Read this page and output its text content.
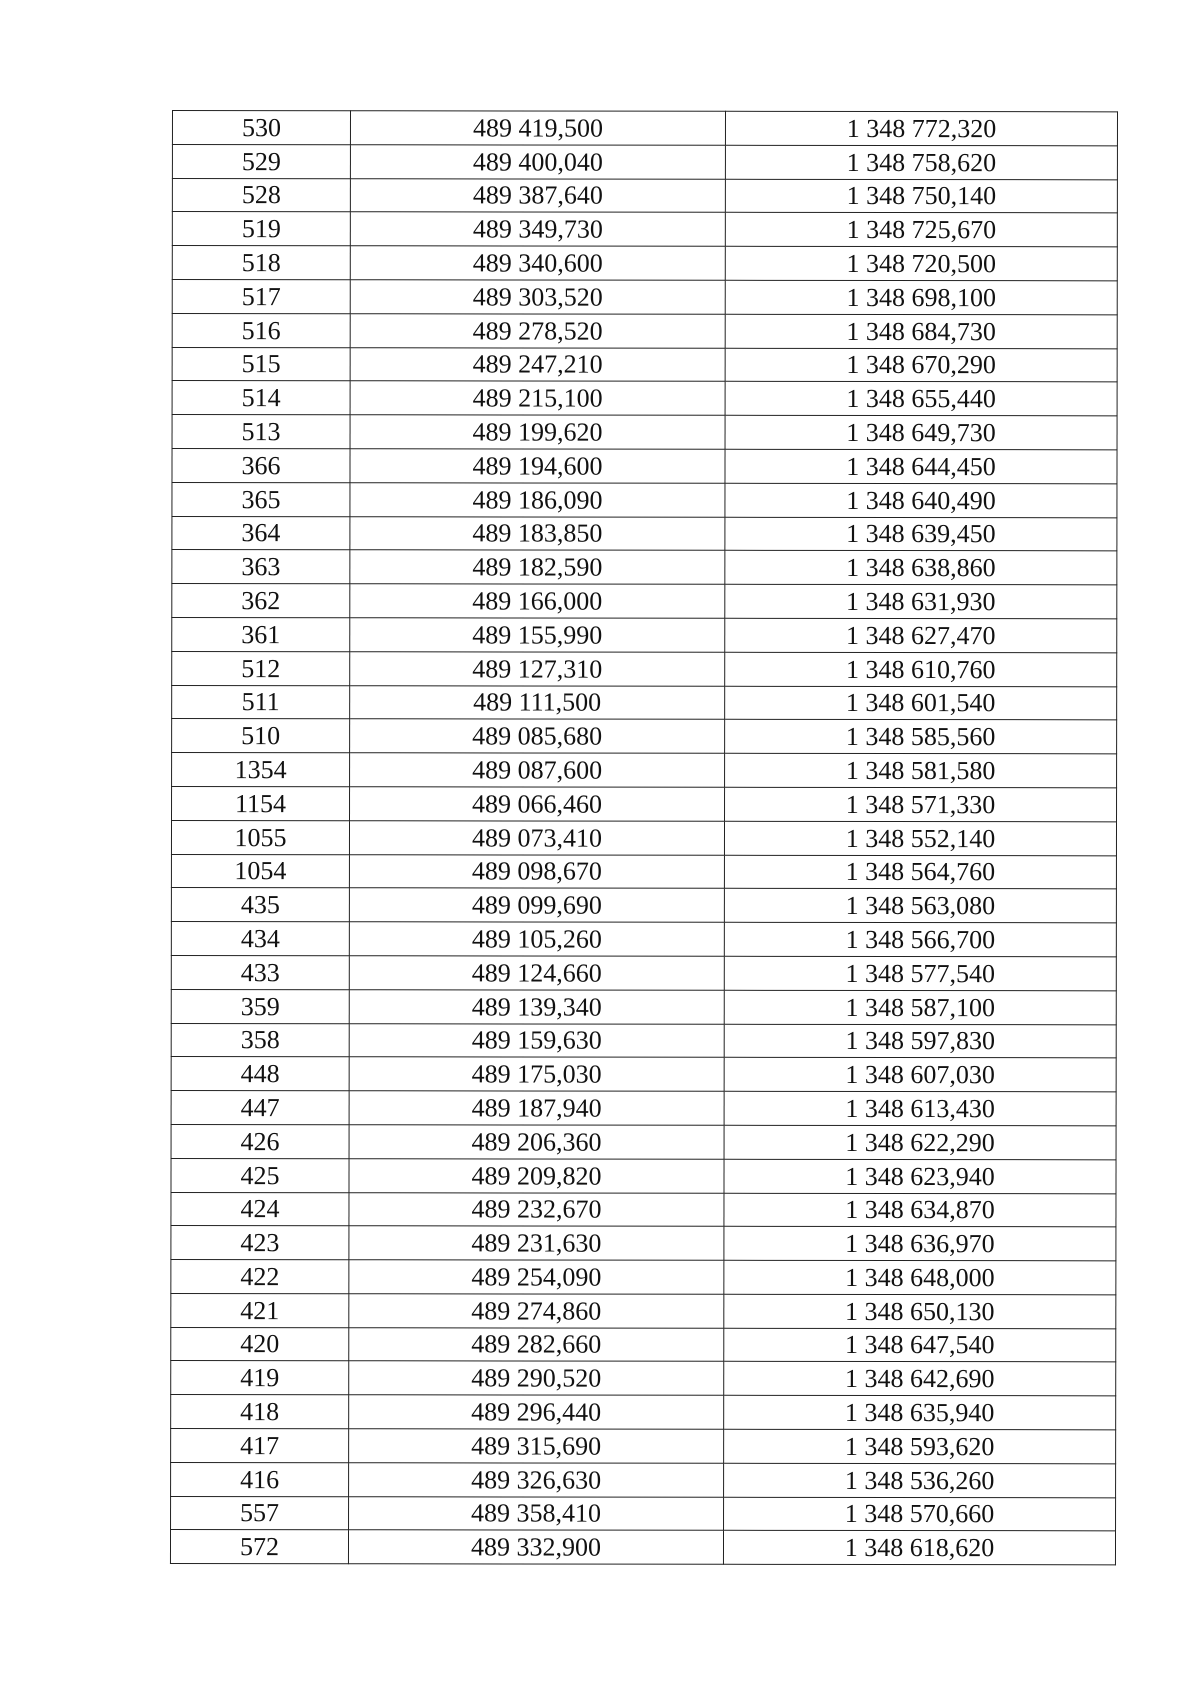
530	489 419,500	1 348 772,320
529	489 400,040	1 348 758,620
528	489 387,640	1 348 750,140
519	489 349,730	1 348 725,670
518	489 340,600	1 348 720,500
517	489 303,520	1 348 698,100
516	489 278,520	1 348 684,730
515	489 247,210	1 348 670,290
514	489 215,100	1 348 655,440
513	489 199,620	1 348 649,730
366	489 194,600	1 348 644,450
365	489 186,090	1 348 640,490
364	489 183,850	1 348 639,450
363	489 182,590	1 348 638,860
362	489 166,000	1 348 631,930
361	489 155,990	1 348 627,470
512	489 127,310	1 348 610,760
511	489 111,500	1 348 601,540
510	489 085,680	1 348 585,560
1354	489 087,600	1 348 581,580
1154	489 066,460	1 348 571,330
1055	489 073,410	1 348 552,140
1054	489 098,670	1 348 564,760
435	489 099,690	1 348 563,080
434	489 105,260	1 348 566,700
433	489 124,660	1 348 577,540
359	489 139,340	1 348 587,100
358	489 159,630	1 348 597,830
448	489 175,030	1 348 607,030
447	489 187,940	1 348 613,430
426	489 206,360	1 348 622,290
425	489 209,820	1 348 623,940
424	489 232,670	1 348 634,870
423	489 231,630	1 348 636,970
422	489 254,090	1 348 648,000
421	489 274,860	1 348 650,130
420	489 282,660	1 348 647,540
419	489 290,520	1 348 642,690
418	489 296,440	1 348 635,940
417	489 315,690	1 348 593,620
416	489 326,630	1 348 536,260
557	489 358,410	1 348 570,660
572	489 332,900	1 348 618,620
